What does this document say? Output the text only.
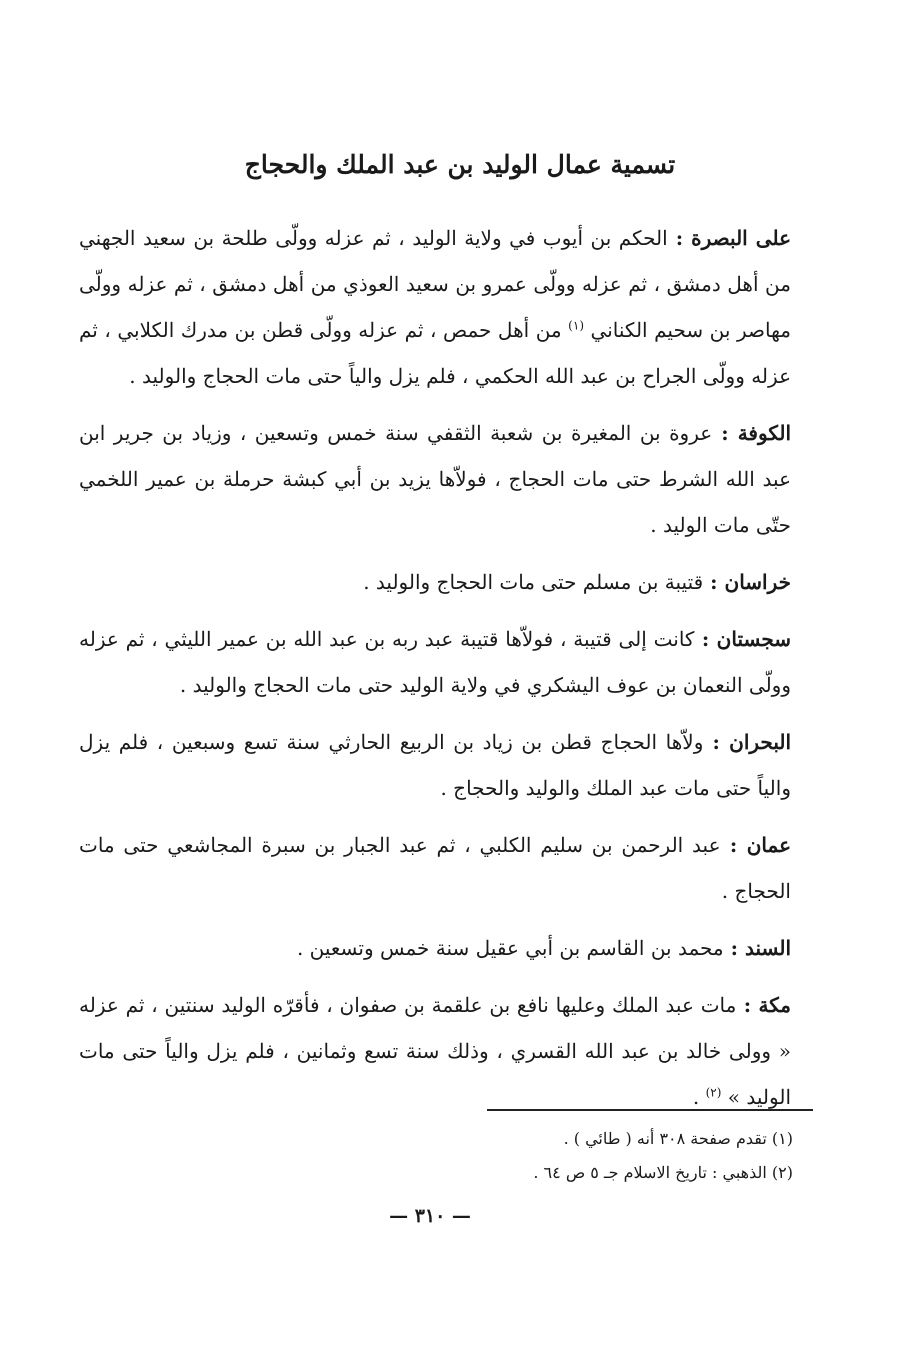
تسمية عمال الوليد بن عبد الملك والحجاج

على البصرة : الحكم بن أيوب في ولاية الوليد ، ثم عزله وولّى طلحة بن سعيد الجهني من أهل دمشق ، ثم عزله وولّى عمرو بن سعيد العوذي من أهل دمشق ، ثم عزله وولّى مهاصر بن سحيم الكناني $^{(١)}$ من أهل حمص ، ثم عزله وولّى قطن بن مدرك الكلابي ، ثم عزله وولّى الجراح بن عبد الله الحكمي ، فلم يزل والياً حتى مات الحجاج والوليد .

الكوفة : عروة بن المغيرة بن شعبة الثقفي سنة خمس وتسعين ، وزياد بن جرير ابن عبد الله الشرط حتى مات الحجاج ، فولاّها يزيد بن أبي كبشة حرملة بن عمير اللخمي حتّى مات الوليد .

خراسان : قتيبة بن مسلم حتى مات الحجاج والوليد .

سجستان : كانت إلى قتيبة ، فولاّها قتيبة عبد ربه بن عبد الله بن عمير الليثي ، ثم عزله وولّى النعمان بن عوف اليشكري في ولاية الوليد حتى مات الحجاج والوليد .

البحران : ولاّها الحجاج قطن بن زياد بن الربيع الحارثي سنة تسع وسبعين ، فلم يزل والياً حتى مات عبد الملك والوليد والحجاج .

عمان : عبد الرحمن بن سليم الكلبي ، ثم عبد الجبار بن سبرة المجاشعي حتى مات الحجاج .

السند : محمد بن القاسم بن أبي عقيل سنة خمس وتسعين .

مكة : مات عبد الملك وعليها نافع بن علقمة بن صفوان ، فأقرّه الوليد سنتين ، ثم عزله « وولى خالد بن عبد الله القسري ، وذلك سنة تسع وثمانين ، فلم يزل والياً حتى مات الوليد » $^{(٢)}$ .

(١) تقدم صفحة ٣٠٨ أنه ( طائي ) .

(٢) الذهبي : تاريخ الاسلام جـ ٥ ص ٦٤ .

— ٣١٠ —
